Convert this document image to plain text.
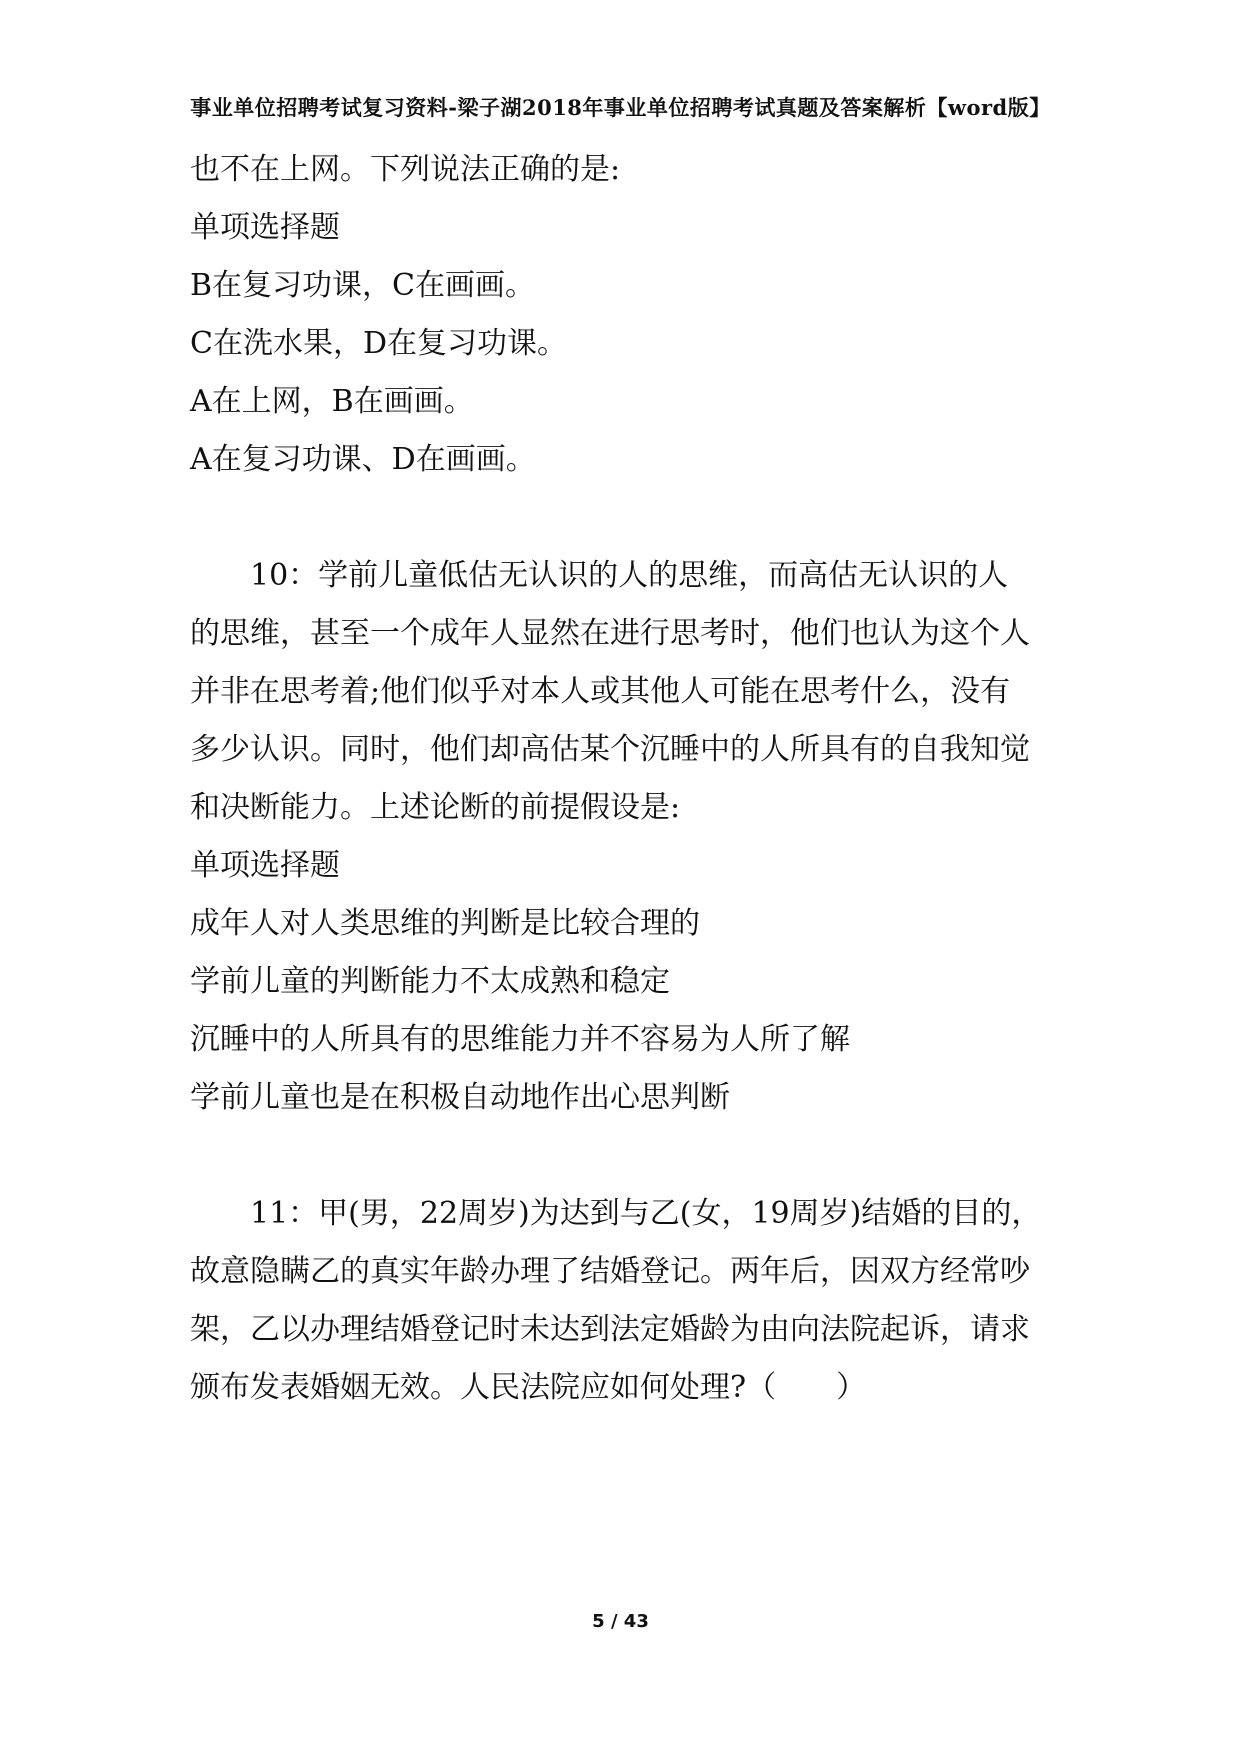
事业单位招聘考试复习资料-梁子湖2018年事业单位招聘考试真题及答案解析【word版】
也不在上网。下列说法正确的是:
单项选择题
B在复习功课，C在画画。
C在洗水果，D在复习功课。
A在上网，B在画画。
A在复习功课、D在画画。
10：学前儿童低估无认识的人的思维，而高估无认识的人
的思维，甚至一个成年人显然在进行思考时，他们也认为这个人
并非在思考着;他们似乎对本人或其他人可能在思考什么，没有
多少认识。同时，他们却高估某个沉睡中的人所具有的自我知觉
和决断能力。上述论断的前提假设是:
单项选择题
成年人对人类思维的判断是比较合理的
学前儿童的判断能力不太成熟和稳定
沉睡中的人所具有的思维能力并不容易为人所了解
学前儿童也是在积极自动地作出心思判断
11：甲(男，22周岁)为达到与乙(女，19周岁)结婚的目的，
故意隐瞒乙的真实年龄办理了结婚登记。两年后，因双方经常吵
架，乙以办理结婚登记时未达到法定婚龄为由向法院起诉，请求
颁布发表婚姻无效。人民法院应如何处理?（　　）
5 / 43
